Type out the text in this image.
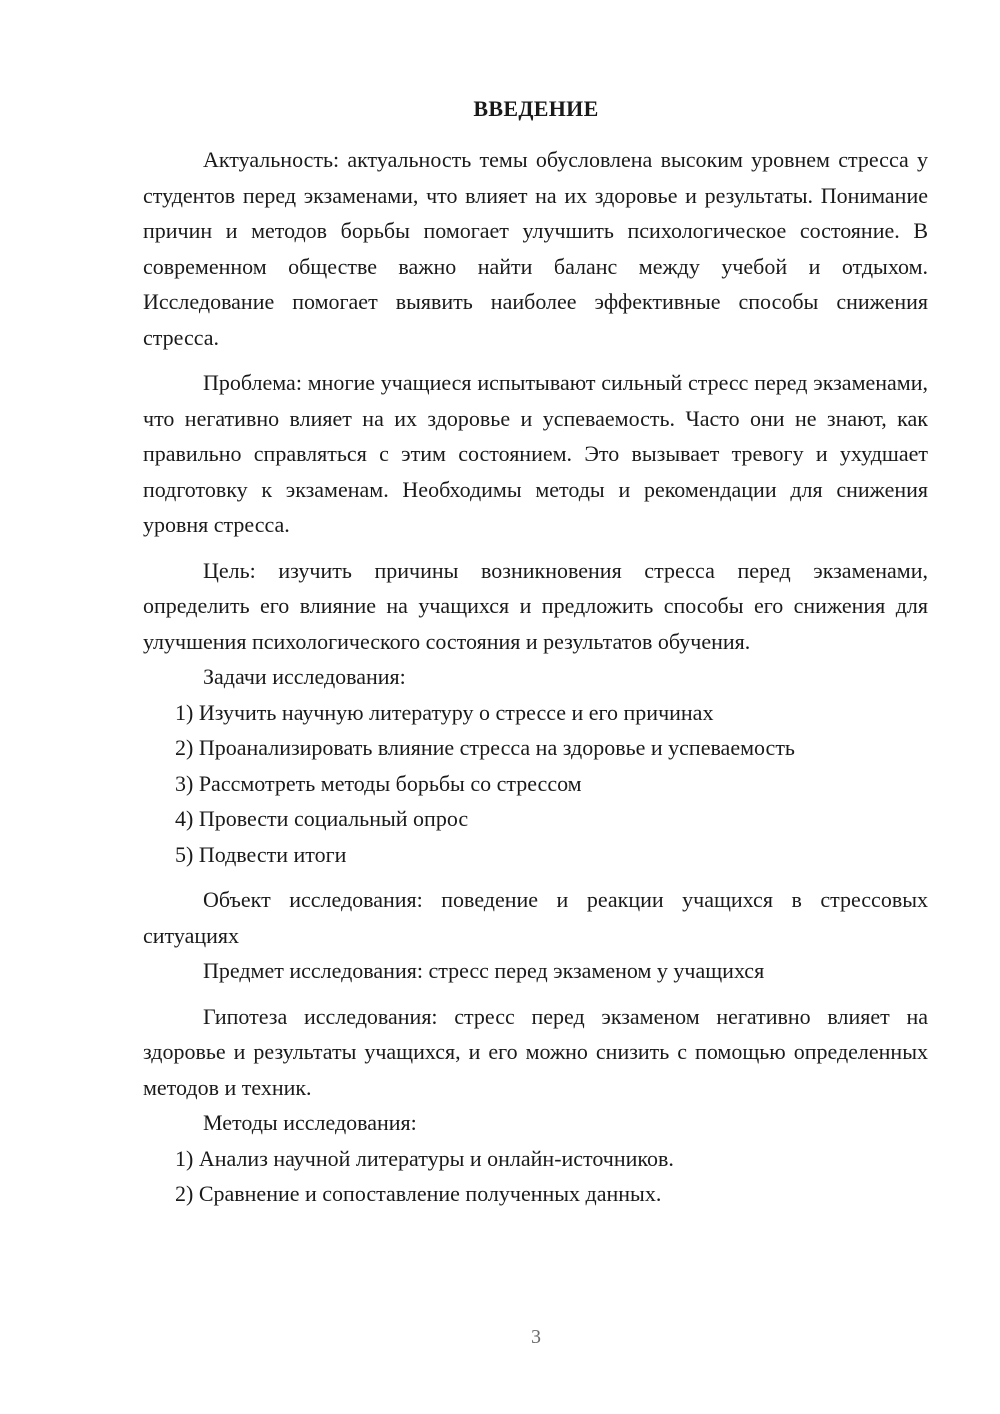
ВВЕДЕНИЕ

Актуальность: актуальность темы обусловлена высоким уровнем стресса у студентов перед экзаменами, что влияет на их здоровье и результаты. Понимание причин и методов борьбы помогает улучшить психологическое состояние. В современном обществе важно найти баланс между учебой и отдыхом. Исследование помогает выявить наиболее эффективные способы снижения стресса.

Проблема: многие учащиеся испытывают сильный стресс перед экзаменами, что негативно влияет на их здоровье и успеваемость. Часто они не знают, как правильно справляться с этим состоянием. Это вызывает тревогу и ухудшает подготовку к экзаменам. Необходимы методы и рекомендации для снижения уровня стресса.

Цель: изучить причины возникновения стресса перед экзаменами, определить его влияние на учащихся и предложить способы его снижения для улучшения психологического состояния и результатов обучения.

Задачи исследования:

1) Изучить научную литературу о стрессе и его причинах

2) Проанализировать влияние стресса на здоровье и успеваемость

3) Рассмотреть методы борьбы со стрессом

4) Провести социальный опрос

5) Подвести итоги

Объект исследования: поведение и реакции учащихся в стрессовых ситуациях

Предмет исследования: стресс перед экзаменом у учащихся

Гипотеза исследования: стресс перед экзаменом негативно влияет на здоровье и результаты учащихся, и его можно снизить с помощью определенных методов и техник.

Методы исследования:

1) Анализ научной литературы и онлайн-источников.

2) Сравнение и сопоставление полученных данных.

3
